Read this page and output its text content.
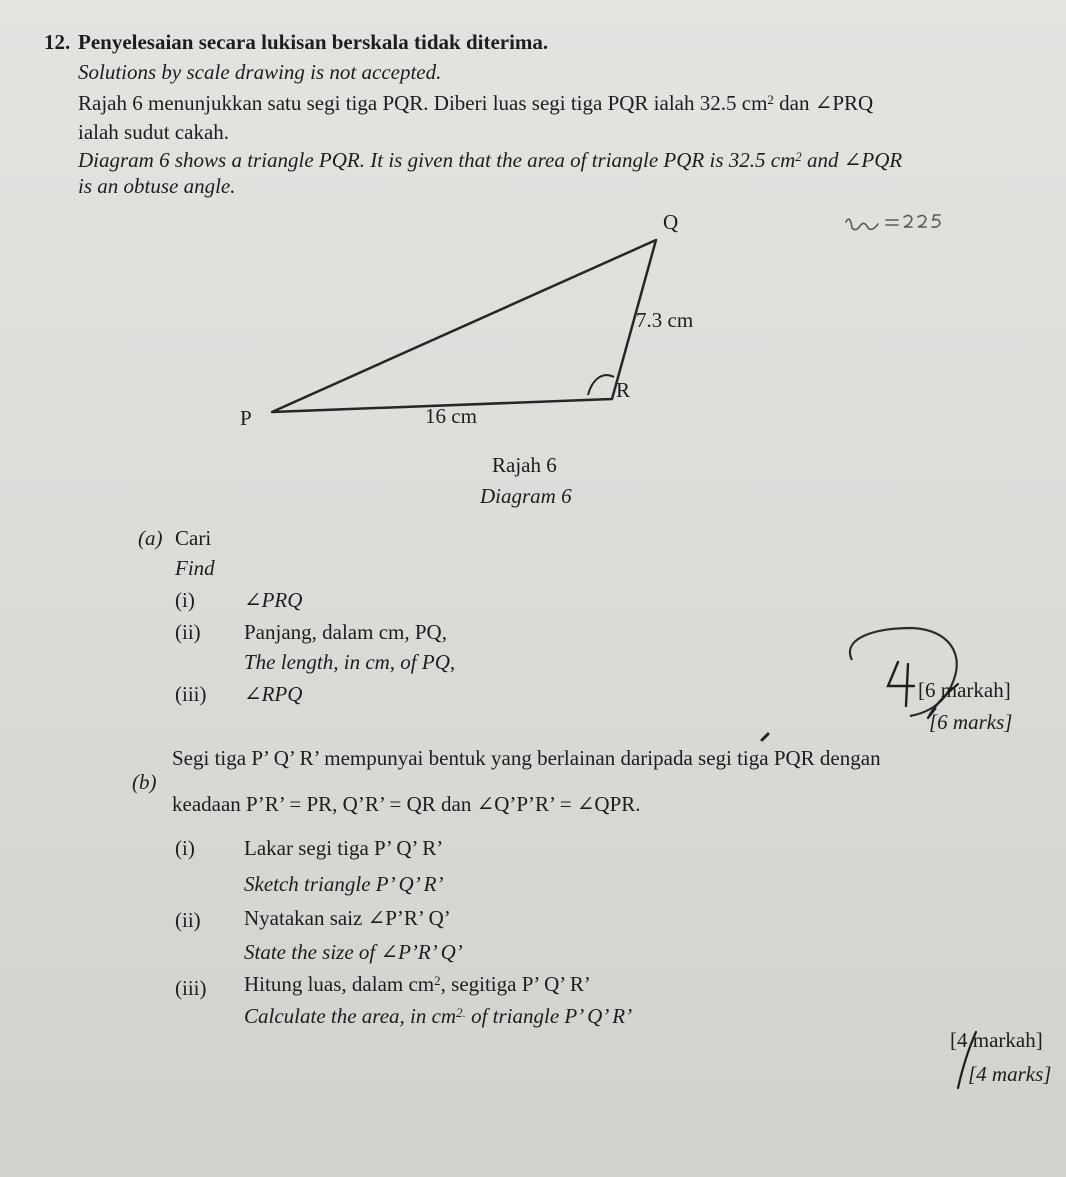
12. Penyelesaian secara lukisan berskala tidak diterima.
Solutions by scale drawing is not accepted.
Rajah 6 menunjukkan satu segi tiga PQR. Diberi luas segi tiga PQR ialah 32.5 $cm^2$ dan ∠PRQ
ialah sudut cakah.
Diagram 6 shows a triangle PQR. It is given that the area of triangle PQR is 32.5 $cm^2$ and ∠PQR
is an obtuse angle.
Q
7.3 cm
R
P	16 cm
Rajah 6
Diagram 6
(a) Cari
Find
(i) ∠PRQ
(ii) Panjang, dalam cm, PQ,
The length, in cm, of PQ,
(iii) ∠RPQ	[6 markah]
[6 marks]
(b)
Segi tiga P’ Q’ R’ mempunyai bentuk yang berlainan daripada segi tiga PQR dengan
keadaan P’R’ = PR, Q’R’ = QR dan ∠Q’P’R’ = ∠QPR.
(i) Lakar segi tiga P’ Q’ R’
Sketch triangle P’ Q’ R’
(ii) Nyatakan saiz ∠P’R’ Q’
State the size of ∠P’R’ Q’
(iii) Hitung luas, dalam $cm^2$, segitiga P’ Q’ R’
Calculate the area, in $cm^{2.}$ of triangle P’ Q’ R’
[4 markah]
[4 marks]
